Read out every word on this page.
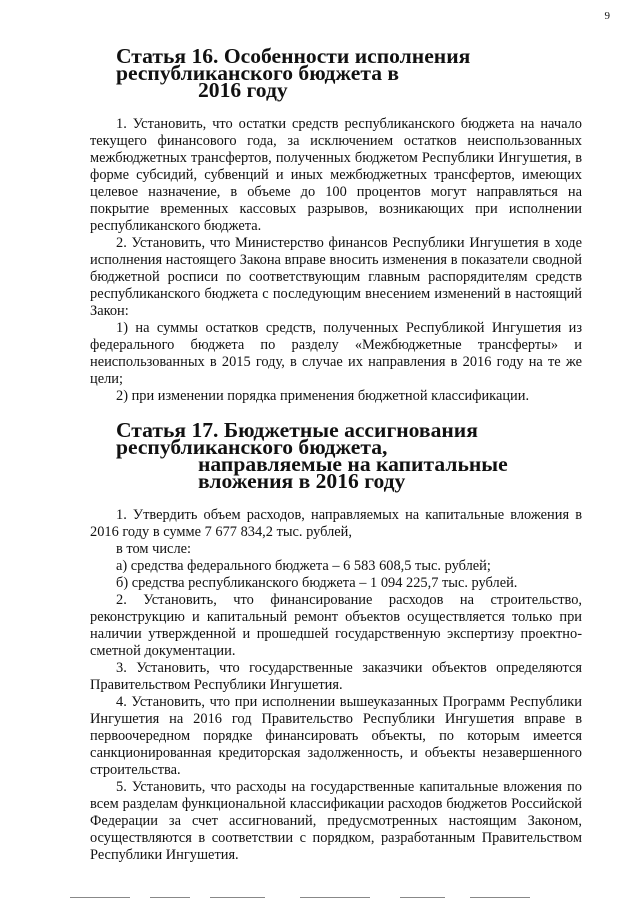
9
Статья 16. Особенности исполнения республиканского бюджета в
2016 году

1. Установить, что остатки средств республиканского бюджета на начало текущего финансового года, за исключением остатков неиспользованных межбюджетных трансфертов, полученных бюджетом Республики Ингушетия, в форме субсидий, субвенций и иных межбюджетных трансфертов, имеющих целевое назначение, в объеме до 100 процентов могут направляться на покрытие временных кассовых разрывов, возникающих при исполнении республиканского бюджета.

2. Установить, что Министерство финансов Республики Ингушетия в ходе исполнения настоящего Закона вправе вносить изменения в показатели сводной бюджетной росписи по соответствующим главным распорядителям средств республиканского бюджета с последующим внесением изменений в настоящий Закон:

1) на суммы остатков средств, полученных Республикой Ингушетия из федерального бюджета по разделу «Межбюджетные трансферты» и неиспользованных в 2015 году, в случае их направления в 2016 году на те же цели;

2) при изменении порядка применения бюджетной классификации.

Статья 17. Бюджетные ассигнования республиканского бюджета,
направляемые на капитальные вложения в 2016 году

1. Утвердить объем расходов, направляемых на капитальные вложения в 2016 году в сумме 7 677 834,2 тыс. рублей,

в том числе:

а) средства федерального бюджета – 6 583 608,5 тыс. рублей;

б) средства республиканского бюджета – 1 094 225,7 тыс. рублей.

2. Установить, что финансирование расходов на строительство, реконструкцию и капитальный ремонт объектов осуществляется только при наличии утвержденной и прошедшей государственную экспертизу проектно-сметной документации.

3. Установить, что государственные заказчики объектов определяются Правительством Республики Ингушетия.

4. Установить, что при исполнении вышеуказанных Программ Республики Ингушетия на 2016 год Правительство Республики Ингушетия вправе в первоочередном порядке финансировать объекты, по которым имеется санкционированная кредиторская задолженность, и объекты незавершенного строительства.

5. Установить, что расходы на государственные капитальные вложения по всем разделам функциональной классификации расходов бюджетов Российской Федерации за счет ассигнований, предусмотренных настоящим Законом, осуществляются в соответствии с порядком, разработанным Правительством Республики Ингушетия.
